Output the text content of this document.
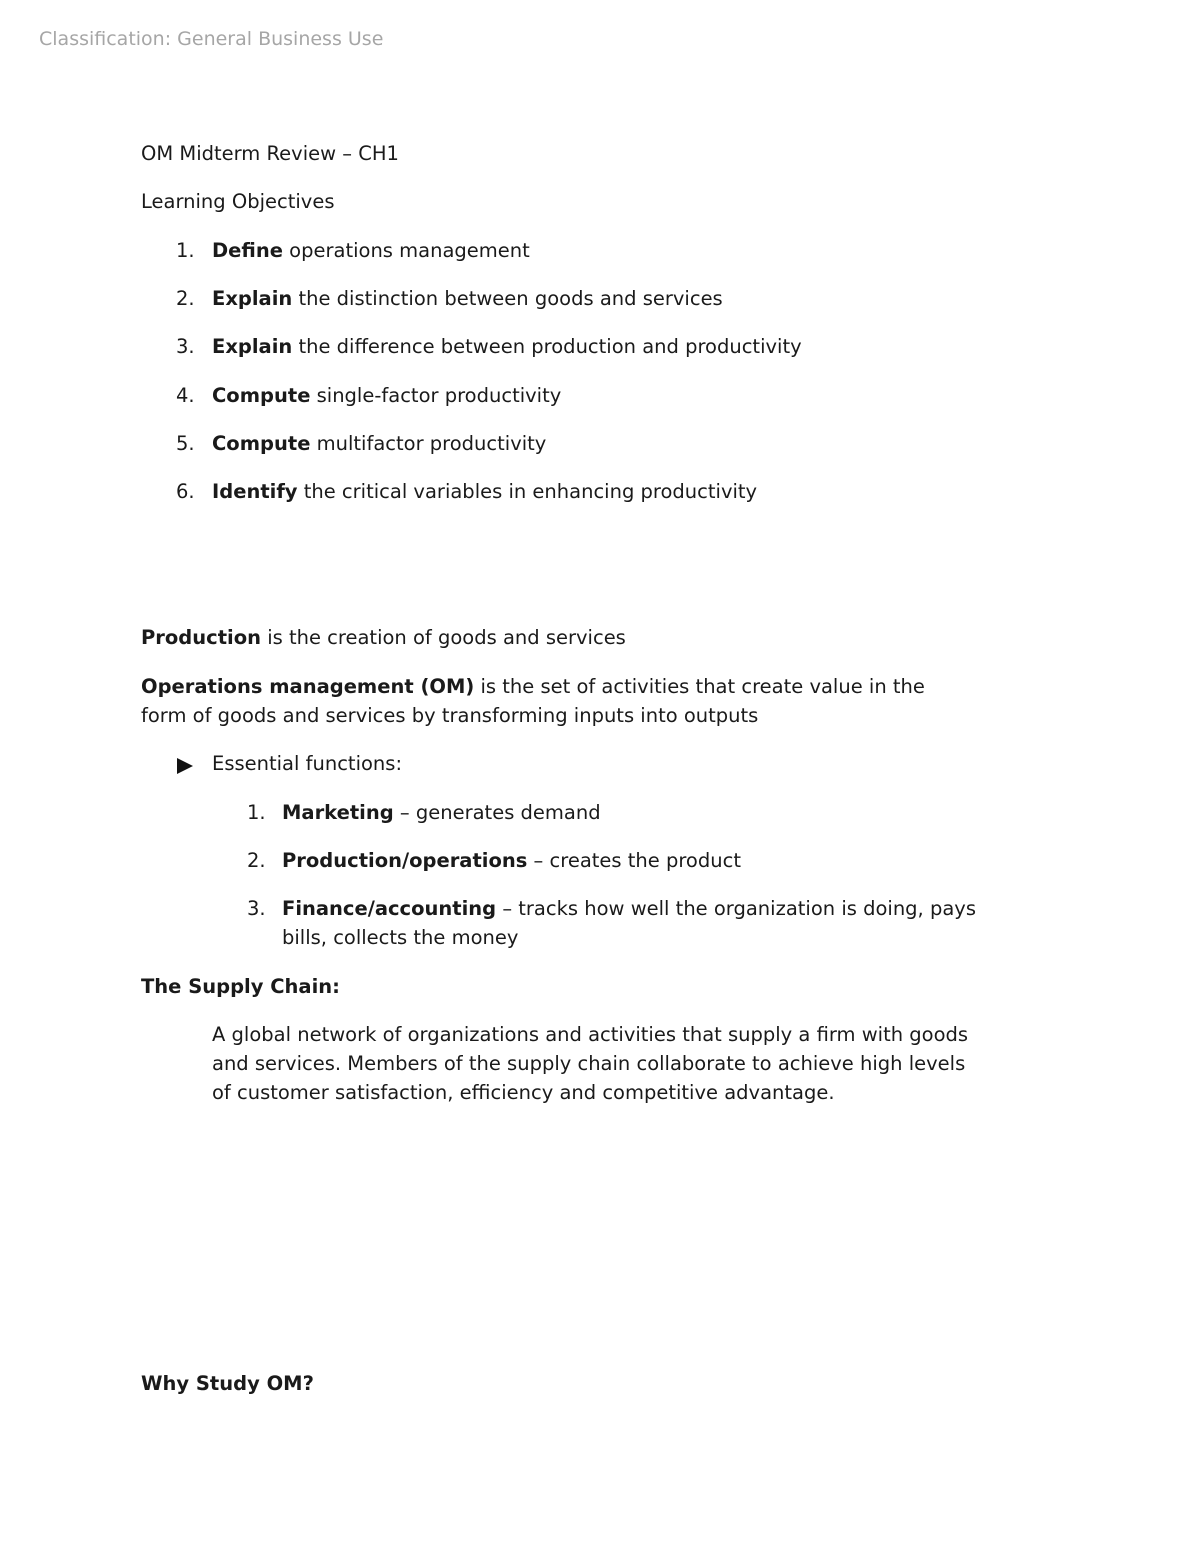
Classification: General Business Use
OM Midterm Review – CH1
Learning Objectives
1. Define operations management
2. Explain the distinction between goods and services
3. Explain the difference between production and productivity
4. Compute single-factor productivity
5. Compute multifactor productivity
6. Identify the critical variables in enhancing productivity
Production is the creation of goods and services
Operations management (OM) is the set of activities that create value in the
form of goods and services by transforming inputs into outputs
Essential functions:
1. Marketing – generates demand
2. Production/operations – creates the product
3. Finance/accounting – tracks how well the organization is doing, pays
bills, collects the money
The Supply Chain:
A global network of organizations and activities that supply a firm with goods
and services. Members of the supply chain collaborate to achieve high levels
of customer satisfaction, efficiency and competitive advantage.
Why Study OM?
